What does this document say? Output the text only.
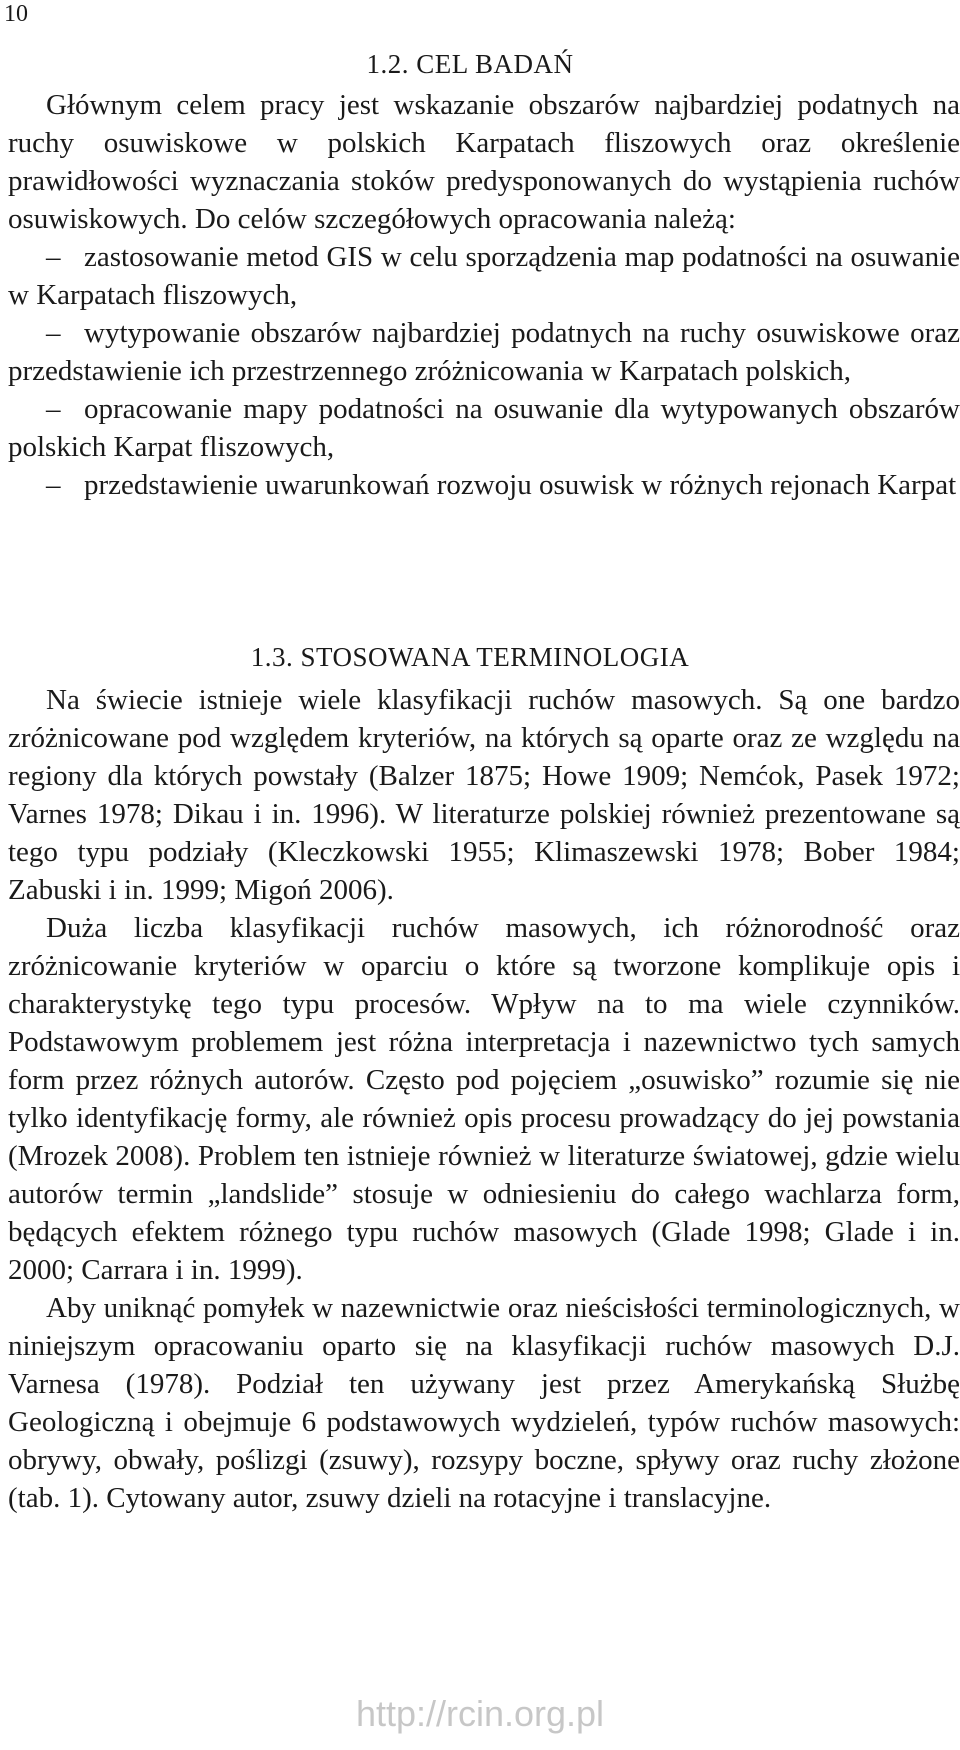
10
1.2. CEL BADAŃ

Głównym celem pracy jest wskazanie obszarów najbardziej podatnych na ruchy osuwiskowe w polskich Karpatach fliszowych oraz określenie prawidłowości wyznaczania stoków predysponowanych do wystąpienia ruchów osuwiskowych. Do celów szczegółowych opracowania należą:

– zastosowanie metod GIS w celu sporządzenia map podatności na osuwanie w Karpatach fliszowych,
– wytypowanie obszarów najbardziej podatnych na ruchy osuwiskowe oraz przedstawienie ich przestrzennego zróżnicowania w Karpatach polskich,
– opracowanie mapy podatności na osuwanie dla wytypowanych obszarów polskich Karpat fliszowych,
– przedstawienie uwarunkowań rozwoju osuwisk w różnych rejonach Karpat
1.3. STOSOWANA TERMINOLOGIA

Na świecie istnieje wiele klasyfikacji ruchów masowych. Są one bardzo zróżnicowane pod względem kryteriów, na których są oparte oraz ze względu na regiony dla których powstały (Balzer 1875; Howe 1909; Nemćok, Pasek 1972; Varnes 1978; Dikau i in. 1996). W literaturze polskiej również prezentowane są tego typu podziały (Kleczkowski 1955; Klimaszewski 1978; Bober 1984; Zabuski i in. 1999; Migoń 2006).

Duża liczba klasyfikacji ruchów masowych, ich różnorodność oraz zróżnicowanie kryteriów w oparciu o które są tworzone komplikuje opis i charakterystykę tego typu procesów. Wpływ na to ma wiele czynników. Podstawowym problemem jest różna interpretacja i nazewnictwo tych samych form przez różnych autorów. Często pod pojęciem „osuwisko” rozumie się nie tylko identyfikację formy, ale również opis procesu prowadzący do jej powstania (Mrozek 2008). Problem ten istnieje również w literaturze światowej, gdzie wielu autorów termin „landslide” stosuje w odniesieniu do całego wachlarza form, będących efektem różnego typu ruchów masowych (Glade 1998; Glade i in. 2000; Carrara i in. 1999).

Aby uniknąć pomyłek w nazewnictwie oraz nieścisłości terminologicznych, w niniejszym opracowaniu oparto się na klasyfikacji ruchów masowych D.J. Varnesa (1978). Podział ten używany jest przez Amerykańską Służbę Geologiczną i obejmuje 6 podstawowych wydzieleń, typów ruchów masowych: obrywy, obwały, poślizgi (zsuwy), rozsypy boczne, spływy oraz ruchy złożone (tab. 1). Cytowany autor, zsuwy dzieli na rotacyjne i translacyjne.

http://rcin.org.pl
